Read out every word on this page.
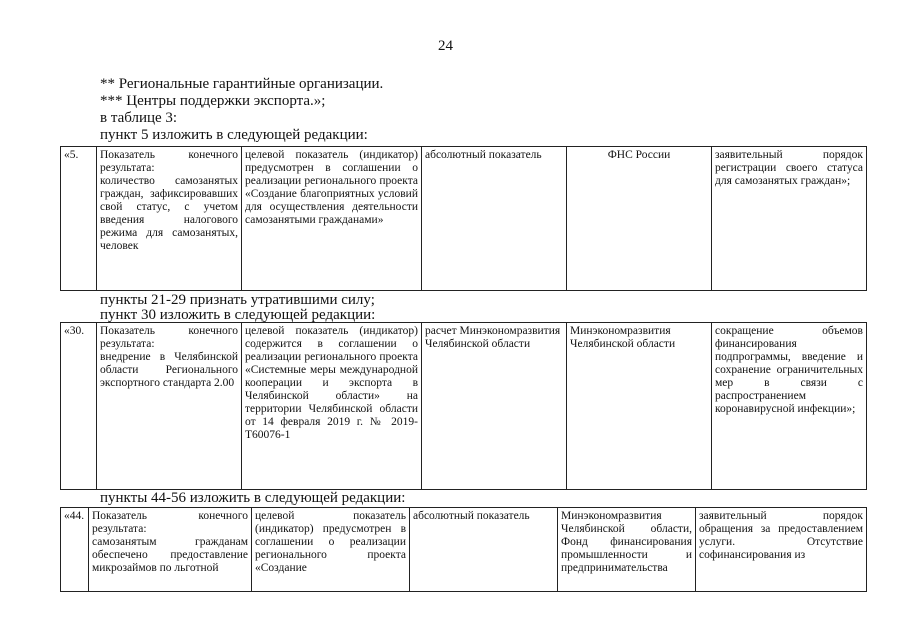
24
** Региональные гарантийные организации.
*** Центры поддержки экспорта.»;
в таблице 3:
пункт 5 изложить в следующей редакции:
«5.	Показатель конечного результата:
количество самозанятых граждан, зафиксировавших свой статус, с учетом введения налогового режима для самозанятых, человек	целевой показатель (индикатор) предусмотрен в соглашении о реализации регионального проекта «Создание благоприятных условий для осуществления деятельности самозанятыми гражданами»	абсолютный показатель	ФНС России	заявительный порядок регистрации своего статуса для самозанятых граждан»;
пункты 21-29 признать утратившими силу;
пункт 30 изложить в следующей редакции:
«30.	Показатель конечного результата:
внедрение в Челябинской области Регионального экспортного стандарта 2.00	целевой показатель (индикатор) содержится в соглашении о реализации регионального проекта «Системные меры международной кооперации и экспорта в Челябинской области» на территории Челябинской области от 14 февраля 2019 г. № 2019-Т60076-1	расчет Минэкономразвития Челябинской области	Минэкономразвития Челябинской области	сокращение объемов финансирования подпрограммы, введение и сохранение ограничительных мер в связи с распространением коронавирусной инфекции»;
пункты 44-56 изложить в следующей редакции:
«44.	Показатель конечного результата:
самозанятым гражданам обеспечено предоставление микрозаймов по льготной	целевой показатель (индикатор) предусмотрен в соглашении о реализации регионального проекта «Создание	абсолютный показатель	Минэкономразвития Челябинской области, Фонд финансирования промышленности и предпринимательства	заявительный порядок обращения за предоставлением услуги. Отсутствие софинансирования из
